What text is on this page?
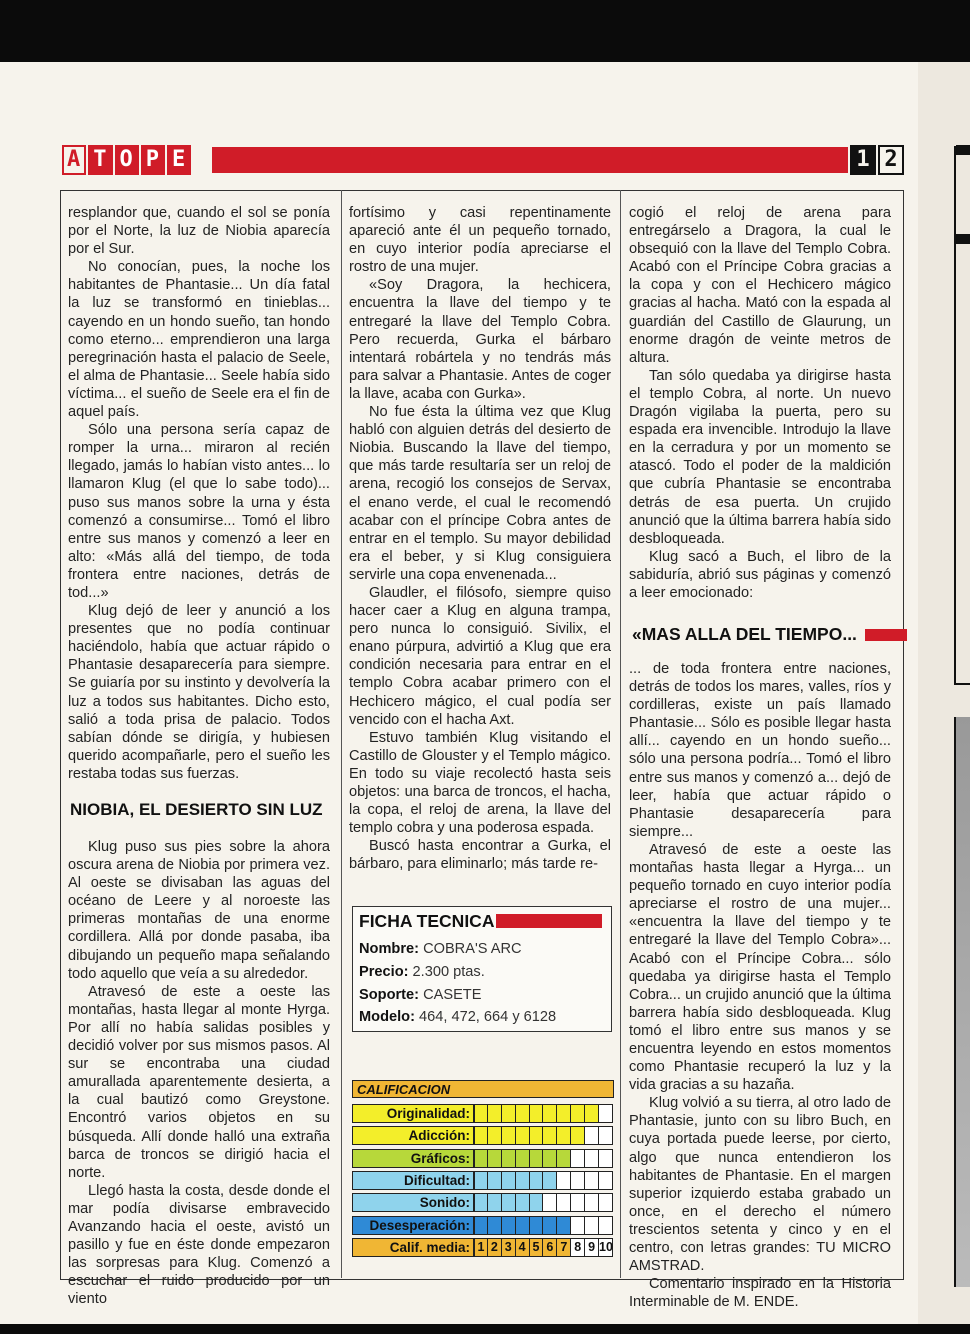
A T O P E	1 2

resplandor que, cuando el sol se ponía por el Norte, la luz de Niobia aparecía por el Sur.

No conocían, pues, la noche los habitantes de Phantasie... Un día fatal la luz se transformó en tinieblas... cayendo en un hondo sueño, tan hondo como eterno... emprendieron una larga peregrinación hasta el palacio de Seele, el alma de Phantasie... Seele había sido víctima... el sueño de Seele era el fin de aquel país.

Sólo una persona sería capaz de romper la urna... miraron al recién llegado, jamás lo habían visto antes... lo llamaron Klug (el que lo sabe todo)... puso sus manos sobre la urna y ésta comenzó a consumirse... Tomó el libro entre sus manos y comenzó a leer en alto: «Más allá del tiempo, de toda frontera entre naciones, detrás de tod...»

Klug dejó de leer y anunció a los presentes que no podía continuar haciéndolo, había que actuar rápido o Phantasie desaparecería para siempre. Se guiaría por su instinto y devolvería la luz a todos sus habitantes. Dicho esto, salió a toda prisa de palacio. Todos sabían dónde se dirigía, y hubiesen querido acompañarle, pero el sueño les restaba todas sus fuerzas.

NIOBIA, EL DESIERTO SIN LUZ

Klug puso sus pies sobre la ahora oscura arena de Niobia por primera vez. Al oeste se divisaban las aguas del océano de Leere y al noroeste las primeras montañas de una enorme cordillera. Allá por donde pasaba, iba dibujando un pequeño mapa señalando todo aquello que veía a su alrededor.

Atravesó de este a oeste las montañas, hasta llegar al monte Hyrga. Por allí no había salidas posibles y decidió volver por sus mismos pasos. Al sur se encontraba una ciudad amurallada aparentemente desierta, a la cual bautizó como Greystone. Encontró varios objetos en su búsqueda. Allí donde halló una extraña barca de troncos se dirigió hacia el norte.

Llegó hasta la costa, desde donde el mar podía divisarse embravecido Avanzando hacia el oeste, avistó un pasillo y fue en éste donde empezaron las sorpresas para Klug. Comenzó a escuchar el ruido producido por un viento

fortísimo y casi repentinamente apareció ante él un pequeño tornado, en cuyo interior podía apreciarse el rostro de una mujer.

«Soy Dragora, la hechicera, encuentra la llave del tiempo y te entregaré la llave del Templo Cobra. Pero recuerda, Gurka el bárbaro intentará robártela y no tendrás más para salvar a Phantasie. Antes de coger la llave, acaba con Gurka».

No fue ésta la última vez que Klug habló con alguien detrás del desierto de Niobia. Buscando la llave del tiempo, que más tarde resultaría ser un reloj de arena, recogió los consejos de Servax, el enano verde, el cual le recomendó acabar con el príncipe Cobra antes de entrar en el templo. Su mayor debilidad era el beber, y si Klug consiguiera servirle una copa envenenada...

Glaudler, el filósofo, siempre quiso hacer caer a Klug en alguna trampa, pero nunca lo consiguió. Sivilix, el enano púrpura, advirtió a Klug que era condición necesaria para entrar en el templo Cobra acabar primero con el Hechicero mágico, el cual podía ser vencido con el hacha Axt.

Estuvo también Klug visitando el Castillo de Glouster y el Templo mágico. En todo su viaje recolectó hasta seis objetos: una barca de troncos, el hacha, la copa, el reloj de arena, la llave del templo cobra y una poderosa espada.

Buscó hasta encontrar a Gurka, el bárbaro, para eliminarlo; más tarde re-

FICHA TECNICA
Nombre: COBRA'S ARC
Precio: 2.300 ptas.
Soporte: CASETE
Modelo: 464, 472, 664 y 6128
CALIFICACION
Originalidad:
Adicción:
Gráficos:
Dificultad:
Sonido:
Desesperación:
Calif. media: 1 2 3 4 5 6 7 8 9 10

cogió el reloj de arena para entregárselo a Dragora, la cual le obsequió con la llave del Templo Cobra. Acabó con el Príncipe Cobra gracias a la copa y con el Hechicero mágico gracias al hacha. Mató con la espada al guardián del Castillo de Glaurung, un enorme dragón de veinte metros de altura.

Tan sólo quedaba ya dirigirse hasta el templo Cobra, al norte. Un nuevo Dragón vigilaba la puerta, pero su espada era invencible. Introdujo la llave en la cerradura y por un momento se atascó. Todo el poder de la maldición que cubría Phantasie se encontraba detrás de esa puerta. Un crujido anunció que la última barrera había sido desbloqueada.

Klug sacó a Buch, el libro de la sabiduría, abrió sus páginas y comenzó a leer emocionado:

«MAS ALLA DEL TIEMPO...

... de toda frontera entre naciones, detrás de todos los mares, valles, ríos y cordilleras, existe un país llamado Phantasie... Sólo es posible llegar hasta allí... cayendo en un hondo sueño... sólo una persona podría... Tomó el libro entre sus manos y comenzó a... dejó de leer, había que actuar rápido o Phantasie desaparecería para siempre...

Atravesó de este a oeste las montañas hasta llegar a Hyrga... un pequeño tornado en cuyo interior podía apreciarse el rostro de una mujer... «encuentra la llave del tiempo y te entregaré la llave del Templo Cobra»... Acabó con el Príncipe Cobra... sólo quedaba ya dirigirse hasta el Templo Cobra... un crujido anunció que la última barrera había sido desbloqueada. Klug tomó el libro entre sus manos y se encuentra leyendo en estos momentos como Phantasie recuperó la luz y la vida gracias a su hazaña.

Klug volvió a su tierra, al otro lado de Phantasie, junto con su libro Buch, en cuya portada puede leerse, por cierto, algo que nunca entendieron los habitantes de Phantasie. En el margen superior izquierdo estaba grabado un once, en el derecho el número trescientos setenta y cinco y en el centro, con letras grandes: TU MICRO AMSTRAD.

Comentario inspirado en la Historia Interminable de M. ENDE.
